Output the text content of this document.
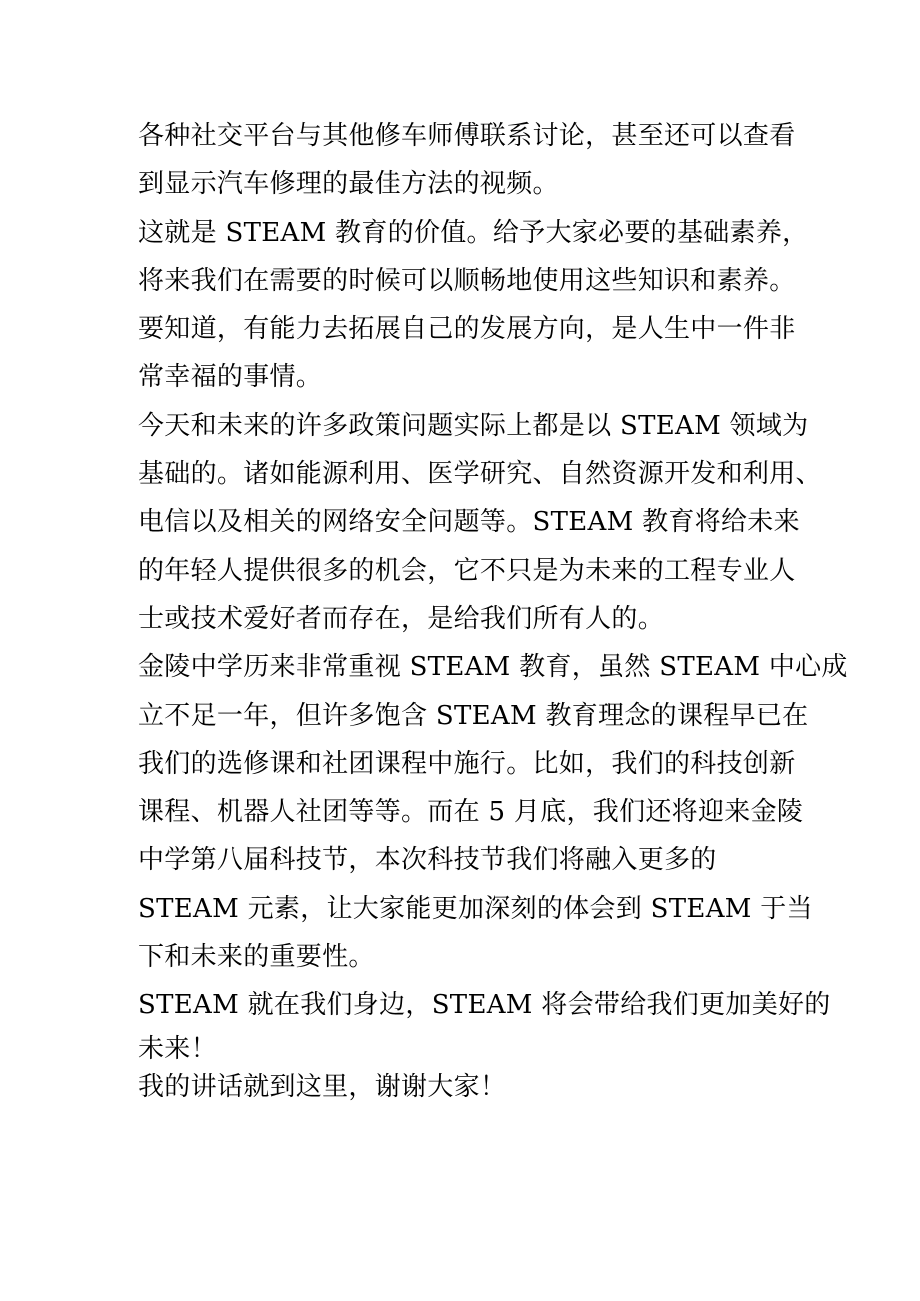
各种社交平台与其他修车师傅联系讨论，甚至还可以查看
到显示汽车修理的最佳方法的视频。
这就是 STEAM 教育的价值。给予大家必要的基础素养，
将来我们在需要的时候可以顺畅地使用这些知识和素养。
要知道，有能力去拓展自己的发展方向，是人生中一件非
常幸福的事情。
今天和未来的许多政策问题实际上都是以 STEAM 领域为
基础的。诸如能源利用、医学研究、自然资源开发和利用、
电信以及相关的网络安全问题等。STEAM 教育将给未来
的年轻人提供很多的机会，它不只是为未来的工程专业人
士或技术爱好者而存在，是给我们所有人的。
金陵中学历来非常重视 STEAM 教育，虽然 STEAM 中心成
立不足一年，但许多饱含 STEAM 教育理念的课程早已在
我们的选修课和社团课程中施行。比如，我们的科技创新
课程、机器人社团等等。而在 5 月底，我们还将迎来金陵
中学第八届科技节，本次科技节我们将融入更多的
STEAM 元素，让大家能更加深刻的体会到 STEAM 于当
下和未来的重要性。
STEAM 就在我们身边，STEAM 将会带给我们更加美好的
未来！
我的讲话就到这里，谢谢大家！
